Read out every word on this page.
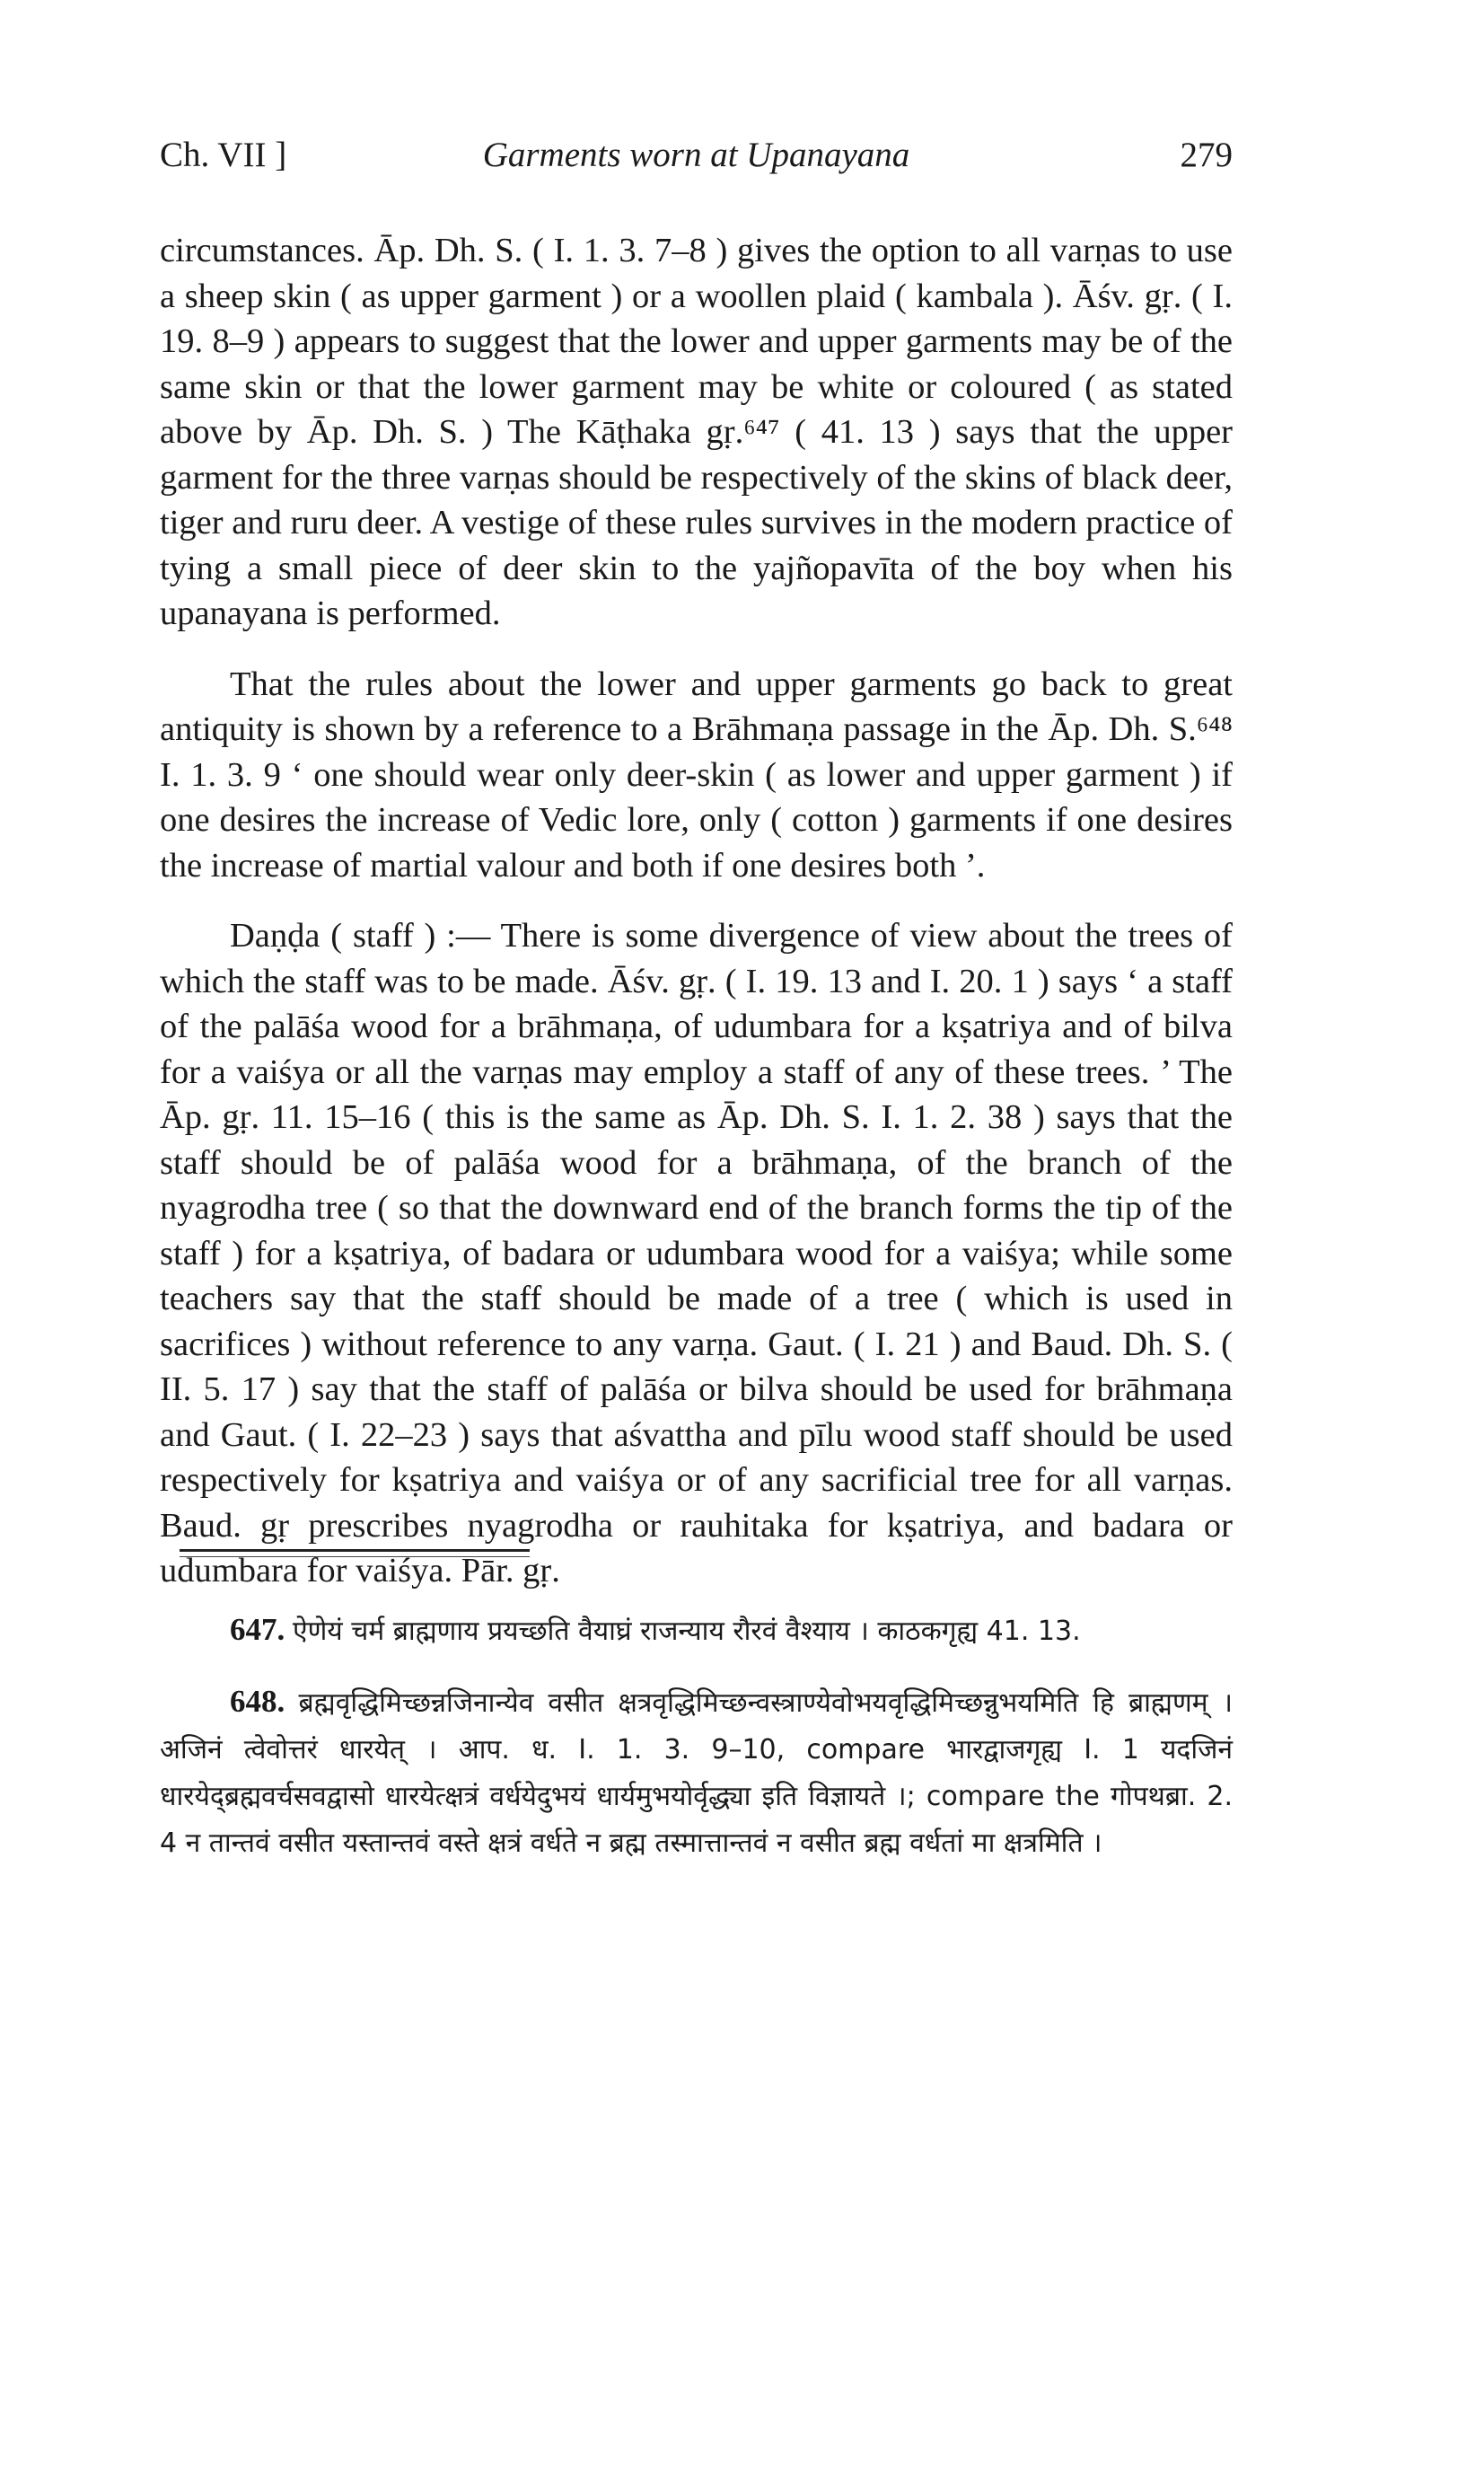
Ch. VII ]	Garments worn at Upanayana	279

circumstances. Āp. Dh. S. ( I. 1. 3. 7–8 ) gives the option to all varṇas to use a sheep skin ( as upper garment ) or a woollen plaid ( kambala ). Āśv. gṛ. ( I. 19. 8–9 ) appears to suggest that the lower and upper garments may be of the same skin or that the lower garment may be white or coloured ( as stated above by Āp. Dh. S. ) The Kāṭhaka gṛ.⁶⁴⁷ ( 41. 13 ) says that the upper garment for the three varṇas should be respectively of the skins of black deer, tiger and ruru deer. A vestige of these rules survives in the modern practice of tying a small piece of deer skin to the yajñopavīta of the boy when his upanayana is performed.

That the rules about the lower and upper garments go back to great antiquity is shown by a reference to a Brāhmaṇa passage in the Āp. Dh. S.⁶⁴⁸ I. 1. 3. 9 ‘ one should wear only deer-skin ( as lower and upper garment ) if one desires the increase of Vedic lore, only ( cotton ) garments if one desires the increase of martial valour and both if one desires both ’.

Daṇḍa ( staff ) :— There is some divergence of view about the trees of which the staff was to be made. Āśv. gṛ. ( I. 19. 13 and I. 20. 1 ) says ‘ a staff of the palāśa wood for a brāhmaṇa, of udumbara for a kṣatriya and of bilva for a vaiśya or all the varṇas may employ a staff of any of these trees. ’ The Āp. gṛ. 11. 15–16 ( this is the same as Āp. Dh. S. I. 1. 2. 38 ) says that the staff should be of palāśa wood for a brāhmaṇa, of the branch of the nyagrodha tree ( so that the downward end of the branch forms the tip of the staff ) for a kṣatriya, of badara or udumbara wood for a vaiśya; while some teachers say that the staff should be made of a tree ( which is used in sacrifices ) without reference to any varṇa. Gaut. ( I. 21 ) and Baud. Dh. S. ( II. 5. 17 ) say that the staff of palāśa or bilva should be used for brāhmaṇa and Gaut. ( I. 22–23 ) says that aśvattha and pīlu wood staff should be used respectively for kṣatriya and vaiśya or of any sacrificial tree for all varṇas. Baud. gṛ prescribes nyagrodha or rauhitaka for kṣatriya, and badara or udumbara for vaiśya. Pār. gṛ.

647. ऐणेयं चर्म ब्राह्मणाय प्रयच्छति वैयाघ्रं राजन्याय रौरवं वैश्याय । काठकगृह्य 41. 13.

648. ब्रह्मवृद्धिमिच्छन्नजिनान्येव वसीत क्षत्रवृद्धिमिच्छन्वस्त्राण्येवोभयवृद्धिमिच्छन्नुभयमिति हि ब्राह्मणम् । अजिनं त्वेवोत्तरं धारयेत् । आप. ध. I. 1. 3. 9–10, compare भारद्वाजगृह्य I. 1 यदजिनं धारयेद्ब्रह्मवर्चसवद्वासो धारयेत्क्षत्रं वर्धयेदुभयं धार्यमुभयोर्वृद्ध्या इति विज्ञायते ।; compare the गोपथब्रा. 2. 4 न तान्तवं वसीत यस्तान्तवं वस्ते क्षत्रं वर्धते न ब्रह्म तस्मात्तान्तवं न वसीत ब्रह्म वर्धतां मा क्षत्रमिति ।
